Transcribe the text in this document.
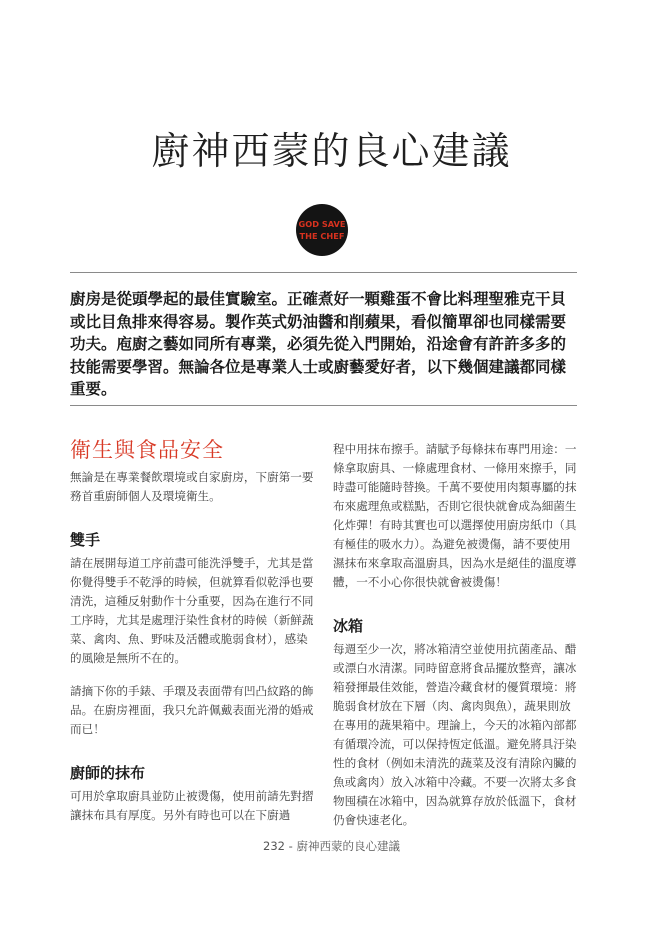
廚神西蒙的良心建議
GOD SAVE
THE CHEF

廚房是從頭學起的最佳實驗室。正確煮好一顆雞蛋不會比料理聖雅克干貝或比目魚排來得容易。製作英式奶油醬和削蘋果，看似簡單卻也同樣需要功夫。庖廚之藝如同所有專業，必須先從入門開始，沿途會有許許多多的技能需要學習。無論各位是專業人士或廚藝愛好者，以下幾個建議都同樣重要。

衛生與食品安全

無論是在專業餐飲環境或自家廚房，下廚第一要務首重廚師個人及環境衛生。

雙手

請在展開每道工序前盡可能洗淨雙手，尤其是當你覺得雙手不乾淨的時候，但就算看似乾淨也要清洗，這種反射動作十分重要，因為在進行不同工序時，尤其是處理汙染性食材的時候（新鮮蔬菜、禽肉、魚、野味及活體或脆弱食材），感染的風險是無所不在的。

請摘下你的手錶、手環及表面帶有凹凸紋路的飾品。在廚房裡面，我只允許佩戴表面光滑的婚戒而已！

廚師的抹布

可用於拿取廚具並防止被燙傷，使用前請先對摺讓抹布具有厚度。另外有時也可以在下廚過

程中用抹布擦手。請賦予每條抹布專門用途：一條拿取廚具、一條處理食材、一條用來擦手，同時盡可能隨時替換。千萬不要使用肉類專屬的抹布來處理魚或糕點，否則它很快就會成為細菌生化炸彈！有時其實也可以選擇使用廚房紙巾（具有極佳的吸水力）。為避免被燙傷，請不要使用濕抹布來拿取高溫廚具，因為水是絕佳的溫度導體，一不小心你很快就會被燙傷！

冰箱

每週至少一次，將冰箱清空並使用抗菌產品、醋或漂白水清潔。同時留意將食品擺放整齊，讓冰箱發揮最佳效能，營造冷藏食材的優質環境：將脆弱食材放在下層（肉、禽肉與魚），蔬果則放在專用的蔬果箱中。理論上，今天的冰箱內部都有循環冷流，可以保持恆定低溫。避免將具汙染性的食材（例如未清洗的蔬菜及沒有清除內臟的魚或禽肉）放入冰箱中冷藏。不要一次將太多食物囤積在冰箱中，因為就算存放於低溫下，食材仍會快速老化。

232 - 廚神西蒙的良心建議
